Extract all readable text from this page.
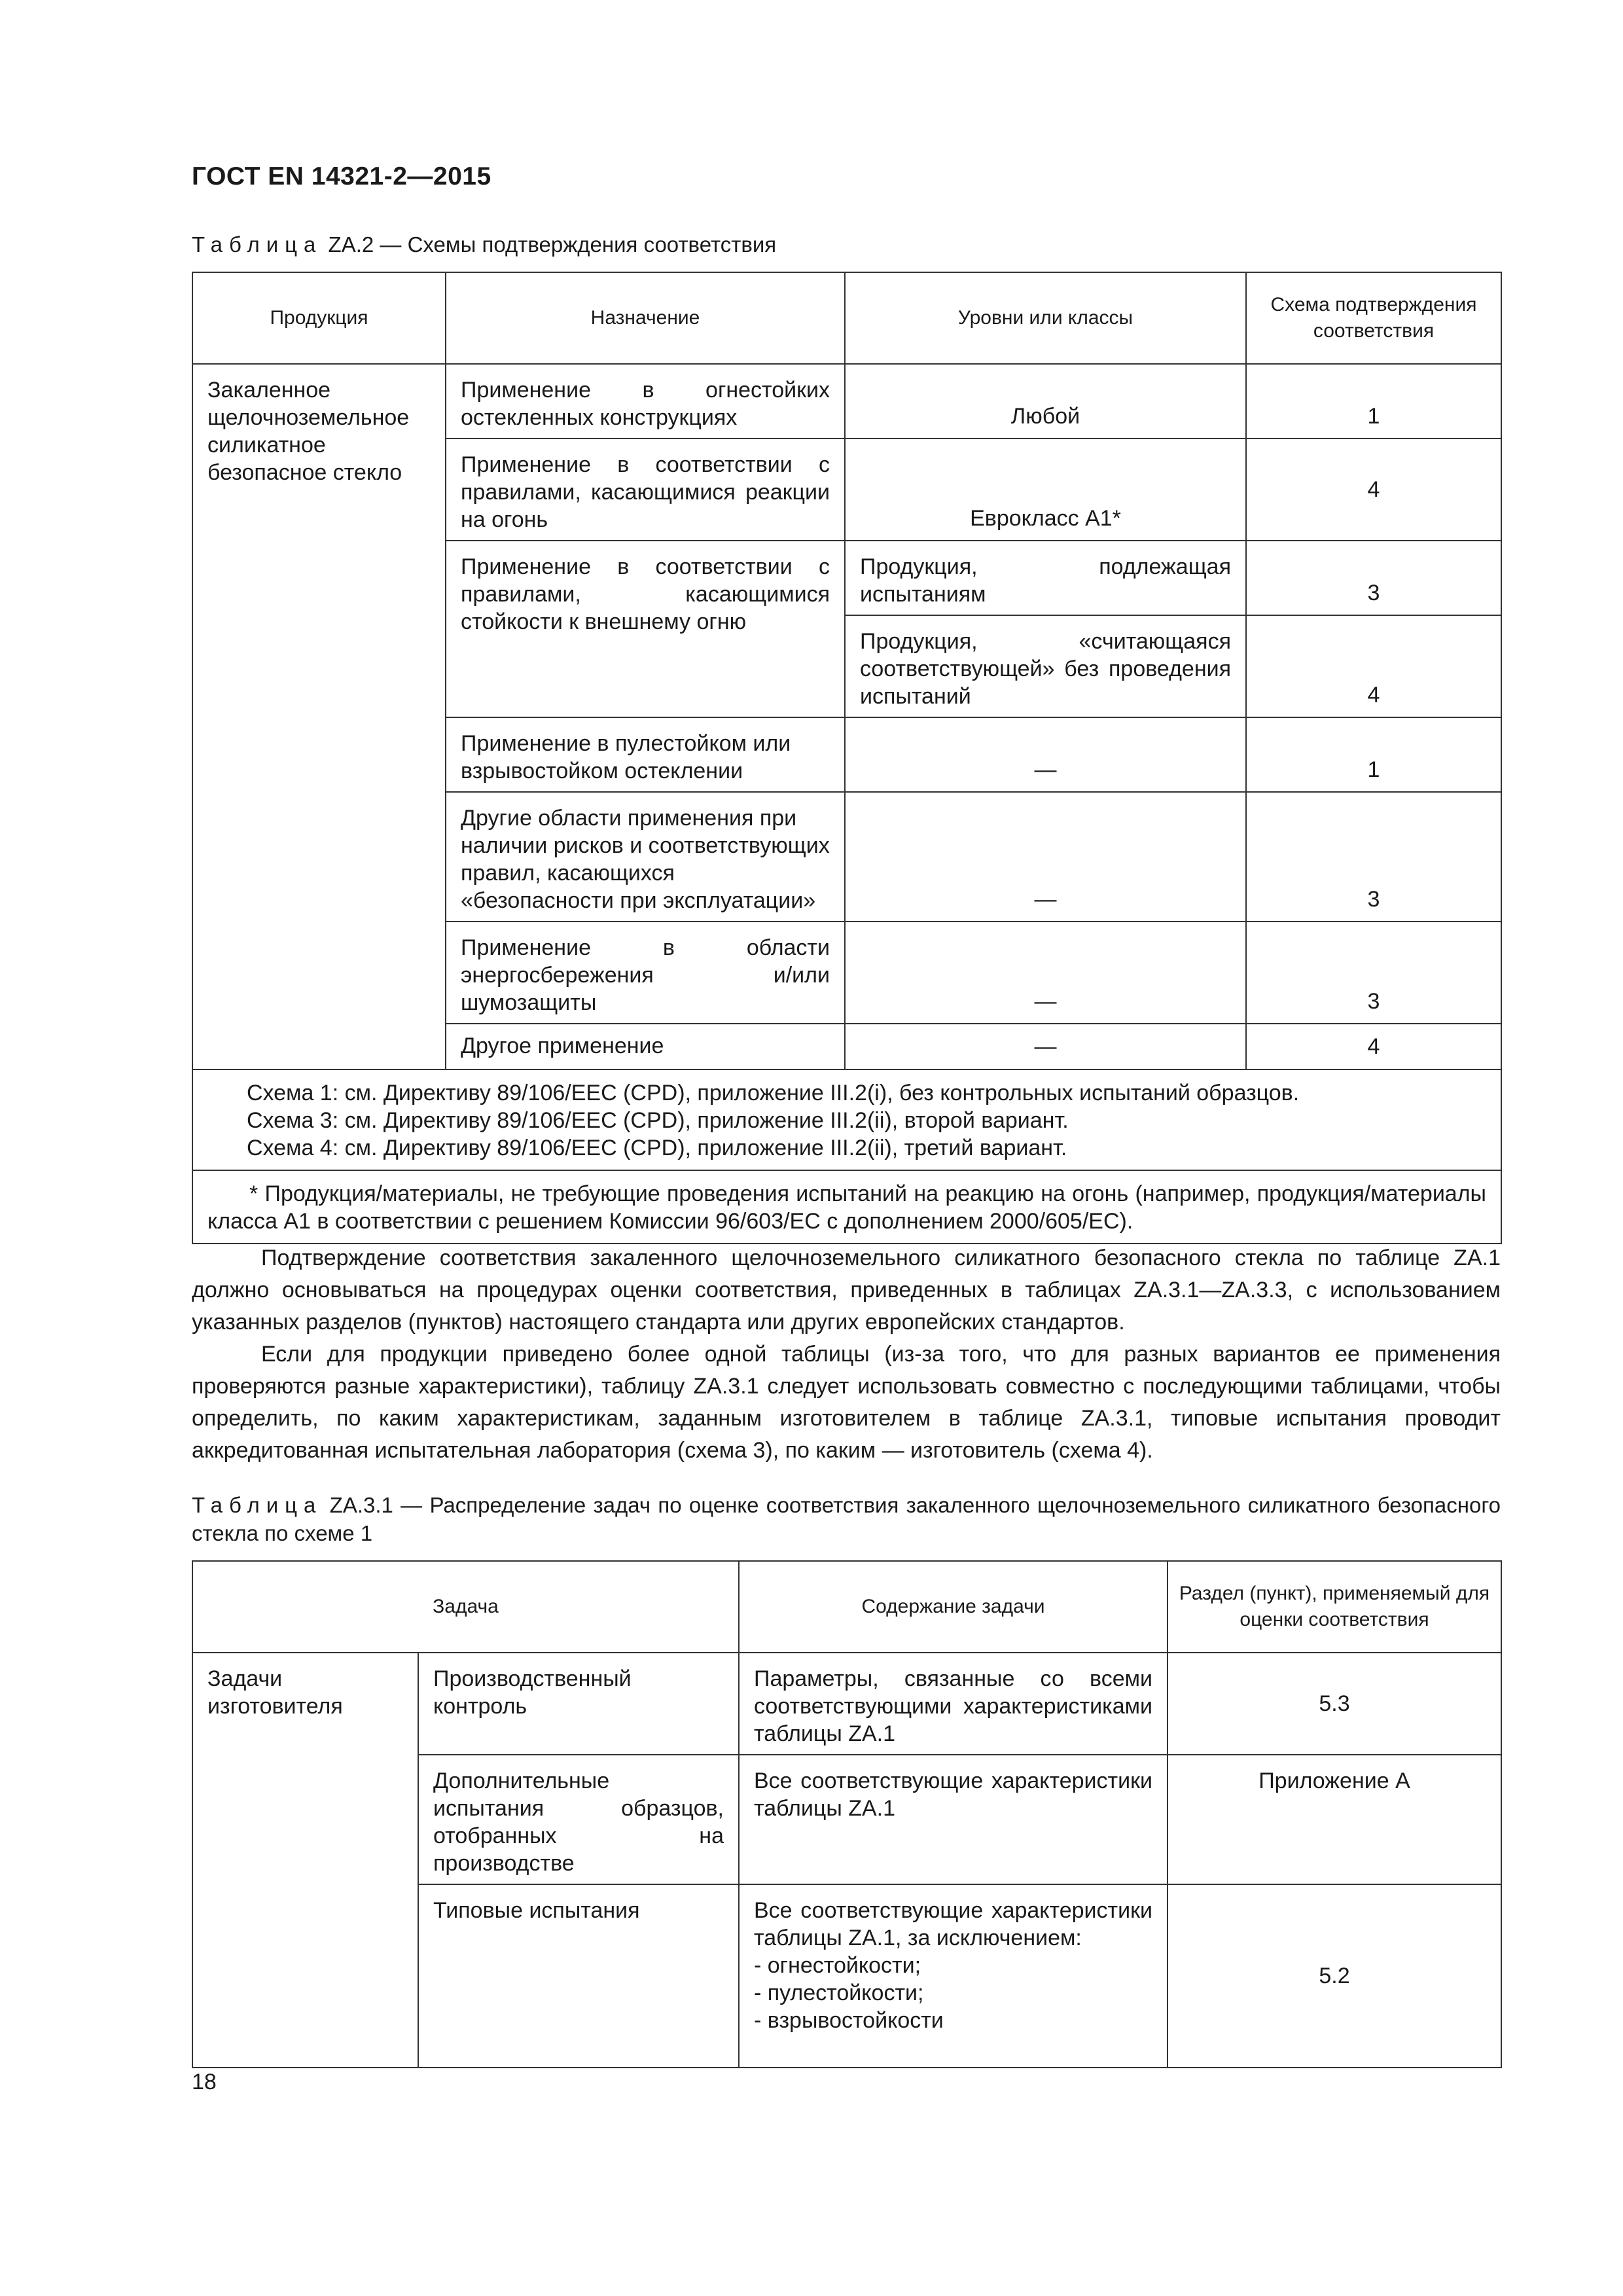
ГОСТ EN 14321-2—2015
Таблица ZA.2 — Схемы подтверждения соответствия
Продукция	Назначение	Уровни или классы	Схема подтверждения соответствия
Закаленное щелочноземельное силикатное безопасное стекло	Применение в огнестойких остекленных конструкциях	Любой	1
	Применение в соответствии с правилами, касающимися реакции на огонь	Еврокласс А1*	4
	Применение в соответствии с правилами, касающимися стойкости к внешнему огню	Продукция, подлежащая испытаниям	3
		Продукция, «считающаяся соответствующей» без проведения испытаний	4
	Применение в пулестойком или взрывостойком остеклении	—	1
	Другие области применения при наличии рисков и соответствующих правил, касающихся «безопасности при эксплуатации»	—	3
	Применение в области энергосбережения и/или шумозащиты	—	3
	Другое применение	—	4

Схема 1: см. Директиву 89/106/EEC (CPD), приложение III.2(i), без контрольных испытаний образцов.
Схема 3: см. Директиву 89/106/EEC (CPD), приложение III.2(ii), второй вариант.
Схема 4: см. Директиву 89/106/EEC (CPD), приложение III.2(ii), третий вариант.			

* Продукция/материалы, не требующие проведения испытаний на реакцию на огонь (например, продукция/материалы класса А1 в соответствии с решением Комиссии 96/603/ЕС с дополнением 2000/605/ЕС).			

Подтверждение соответствия закаленного щелочноземельного силикатного безопасного стекла по таблице ZA.1 должно основываться на процедурах оценки соответствия, приведенных в таблицах ZA.3.1—ZA.3.3, с использованием указанных разделов (пунктов) настоящего стандарта или других европейских стандартов.

Если для продукции приведено более одной таблицы (из-за того, что для разных вариантов ее применения проверяются разные характеристики), таблицу ZA.3.1 следует использовать совместно с последующими таблицами, чтобы определить, по каким характеристикам, заданным изготовителем в таблице ZA.3.1, типовые испытания проводит аккредитованная испытательная лаборатория (схема 3), по каким — изготовитель (схема 4).

Таблица ZA.3.1 — Распределение задач по оценке соответствия закаленного щелочноземельного силикатного безопасного стекла по схеме 1
Задача		Содержание задачи	Раздел (пункт), применяемый для оценки соответствия
Задачи изготовителя	Производственный контроль	Параметры, связанные со всеми соответствующими характеристиками таблицы ZA.1	5.3
	Дополнительные испытания образцов, отобранных на производстве	Все соответствующие характеристики таблицы ZA.1	Приложение А
	Типовые испытания	Все соответствующие характеристики таблицы ZA.1, за исключением:
- огнестойкости;
- пулестойкости;
- взрывостойкости	5.2
18
